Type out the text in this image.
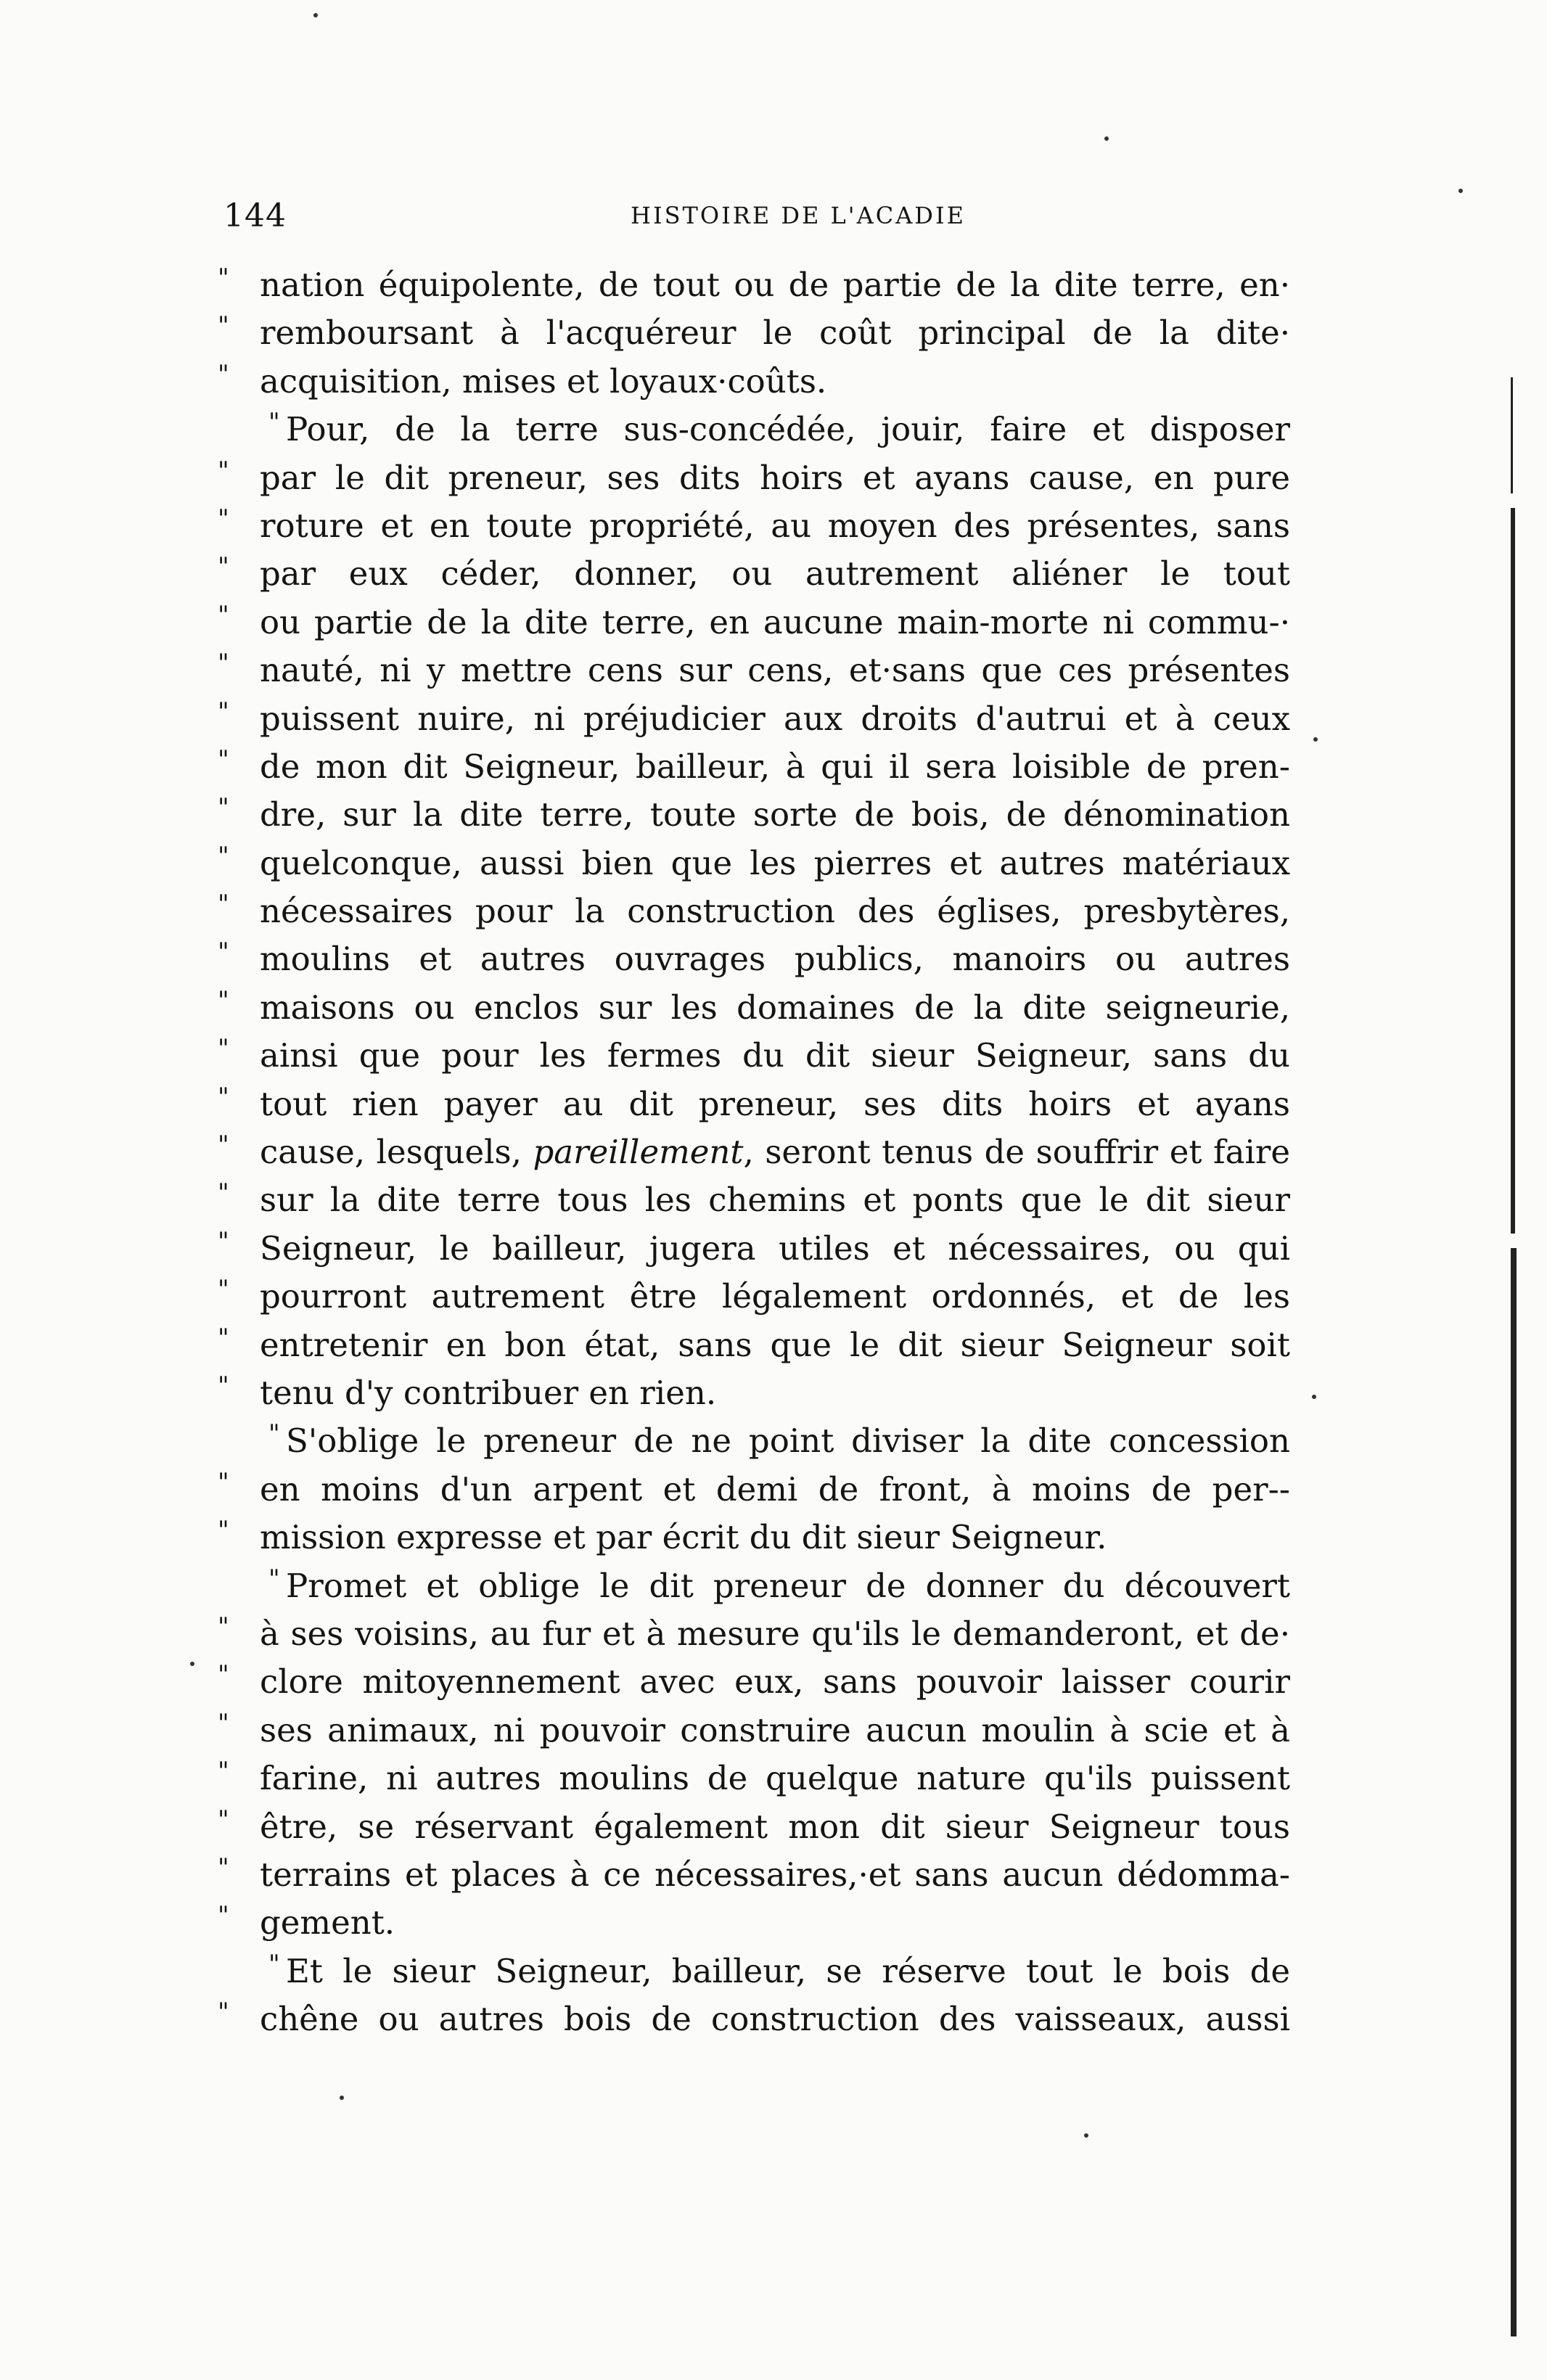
144	HISTOIRE DE L'ACADIE
" nation équipolente, de tout ou de partie de la dite terre, en·
" remboursant à l'acquéreur le coût principal de la dite·
" acquisition, mises et loyaux·coûts.
" Pour, de la terre sus-concédée, jouir, faire et disposer
" par le dit preneur, ses dits hoirs et ayans cause, en pure
" roture et en toute propriété, au moyen des présentes, sans
" par eux céder, donner, ou autrement aliéner le tout
" ou partie de la dite terre, en aucune main-morte ni commu-·
" nauté, ni y mettre cens sur cens, et·sans que ces présentes
" puissent nuire, ni préjudicier aux droits d'autrui et à ceux
" de mon dit Seigneur, bailleur, à qui il sera loisible de pren-
" dre, sur la dite terre, toute sorte de bois, de dénomination
" quelconque, aussi bien que les pierres et autres matériaux
" nécessaires pour la construction des églises, presbytères,
" moulins et autres ouvrages publics, manoirs ou autres
" maisons ou enclos sur les domaines de la dite seigneurie,
" ainsi que pour les fermes du dit sieur Seigneur, sans du
" tout rien payer au dit preneur, ses dits hoirs et ayans
" cause, lesquels, pareillement, seront tenus de souffrir et faire
" sur la dite terre tous les chemins et ponts que le dit sieur
" Seigneur, le bailleur, jugera utiles et nécessaires, ou qui
" pourront autrement être légalement ordonnés, et de les
" entretenir en bon état, sans que le dit sieur Seigneur soit
" tenu d'y contribuer en rien.
" S'oblige le preneur de ne point diviser la dite concession
" en moins d'un arpent et demi de front, à moins de per--
" mission expresse et par écrit du dit sieur Seigneur.
" Promet et oblige le dit preneur de donner du découvert
" à ses voisins, au fur et à mesure qu'ils le demanderont, et de·
" clore mitoyennement avec eux, sans pouvoir laisser courir
" ses animaux, ni pouvoir construire aucun moulin à scie et à
" farine, ni autres moulins de quelque nature qu'ils puissent
" être, se réservant également mon dit sieur Seigneur tous
" terrains et places à ce nécessaires,·et sans aucun dédomma-
" gement.
" Et le sieur Seigneur, bailleur, se réserve tout le bois de
" chêne ou autres bois de construction des vaisseaux, aussi
